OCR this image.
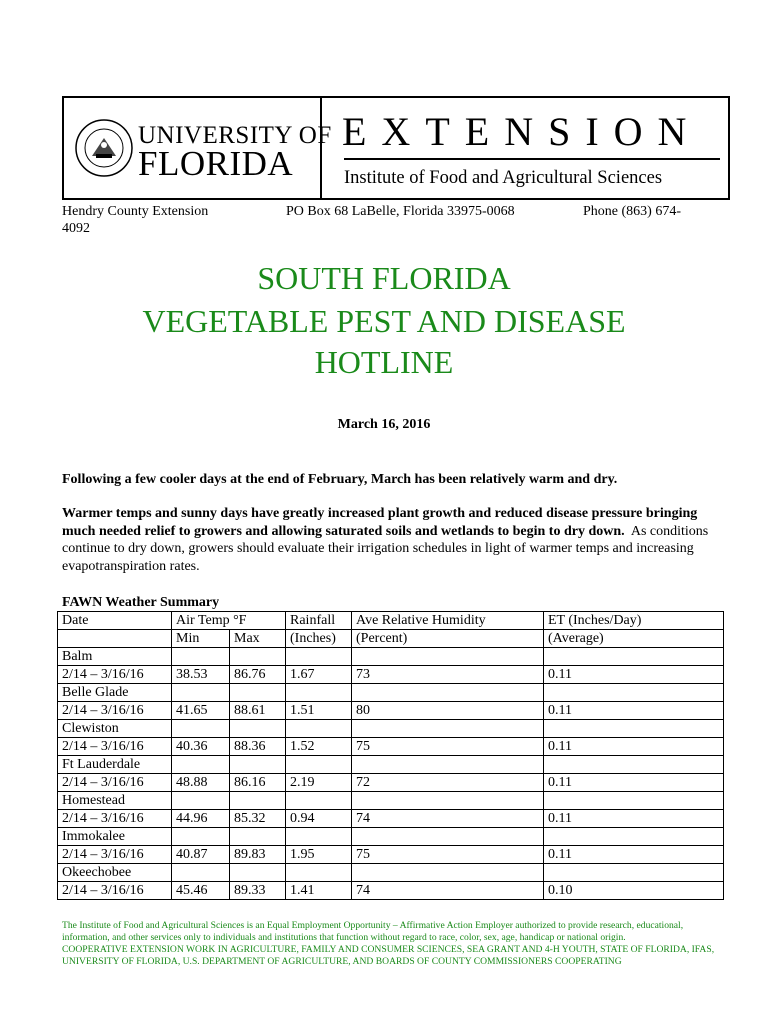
UNIVERSITY OF
FLORIDA
EXTENSION
Institute of Food and Agricultural Sciences
Hendry County Extension	PO Box 68 LaBelle, Florida 33975-0068	Phone (863) 674-
4092
SOUTH FLORIDA
VEGETABLE PEST AND DISEASE
HOTLINE
March 16, 2016
Following a few cooler days at the end of February, March has been relatively warm and dry.
Warmer temps and sunny days have greatly increased plant growth and reduced disease pressure bringing much needed relief to growers and allowing saturated soils and wetlands to begin to dry down. As conditions continue to dry down, growers should evaluate their irrigation schedules in light of warmer temps and increasing evapotranspiration rates.
FAWN Weather Summary
Date	Air Temp °F		Rainfall	Ave Relative Humidity	ET (Inches/Day)
	Min	Max	(Inches)	(Percent)	(Average)
Balm					
2/14 – 3/16/16	38.53	86.76	1.67	73	0.11
Belle Glade					
2/14 – 3/16/16	41.65	88.61	1.51	80	0.11
Clewiston					
2/14 – 3/16/16	40.36	88.36	1.52	75	0.11
Ft Lauderdale					
2/14 – 3/16/16	48.88	86.16	2.19	72	0.11
Homestead					
2/14 – 3/16/16	44.96	85.32	0.94	74	0.11
Immokalee					
2/14 – 3/16/16	40.87	89.83	1.95	75	0.11
Okeechobee					
2/14 – 3/16/16	45.46	89.33	1.41	74	0.10
The Institute of Food and Agricultural Sciences is an Equal Employment Opportunity – Affirmative Action Employer authorized to provide research, educational, information, and other services only to individuals and institutions that function without regard to race, color, sex, age, handicap or national origin.
COOPERATIVE EXTENSION WORK IN AGRICULTURE, FAMILY AND CONSUMER SCIENCES, SEA GRANT AND 4-H YOUTH, STATE OF FLORIDA, IFAS, UNIVERSITY OF FLORIDA, U.S. DEPARTMENT OF AGRICULTURE, AND BOARDS OF COUNTY COMMISSIONERS COOPERATING
